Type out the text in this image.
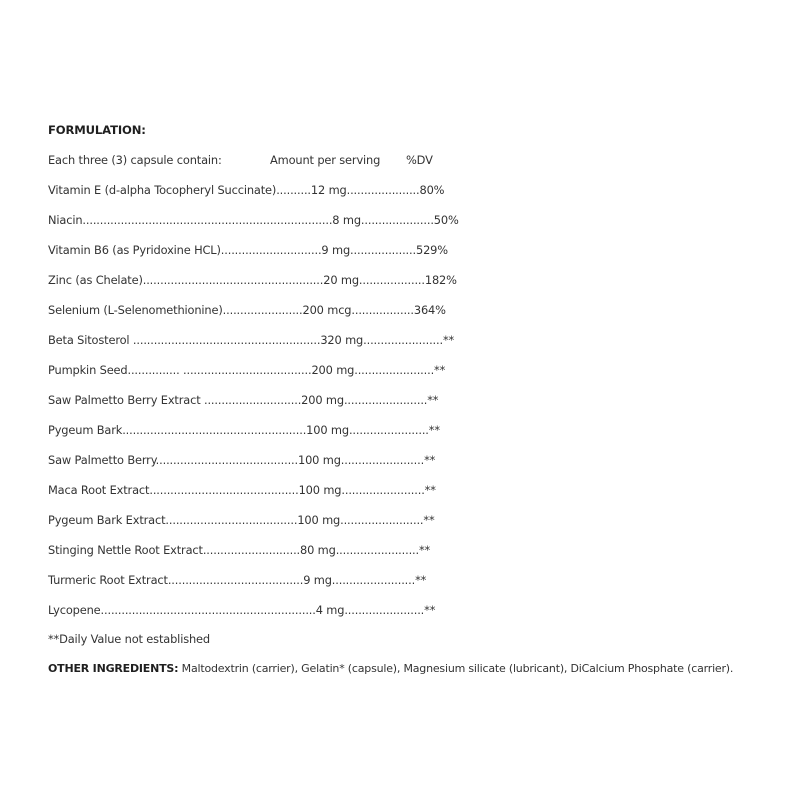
FORMULATION:
Each three (3) capsule contain:	Amount per serving %DV
Vitamin E (d-alpha Tocopheryl Succinate)..........12 mg.....................80%
Niacin........................................................................8 mg.....................50%
Vitamin B6 (as Pyridoxine HCL).............................9 mg...................529%
Zinc (as Chelate)....................................................20 mg...................182%
Selenium (L-Selenomethionine).......................200 mcg..................364%
Beta Sitosterol ......................................................320 mg.......................**
Pumpkin Seed............... .....................................200 mg.......................**
Saw Palmetto Berry Extract ............................200 mg........................**
Pygeum Bark.....................................................100 mg.......................**
Saw Palmetto Berry.........................................100 mg........................**
Maca Root Extract...........................................100 mg........................**
Pygeum Bark Extract......................................100 mg........................**
Stinging Nettle Root Extract............................80 mg........................**
Turmeric Root Extract.......................................9 mg........................**
Lycopene..............................................................4 mg.......................**
**Daily Value not established
OTHER INGREDIENTS: Maltodextrin (carrier), Gelatin* (capsule), Magnesium silicate (lubricant), DiCalcium Phosphate (carrier).
